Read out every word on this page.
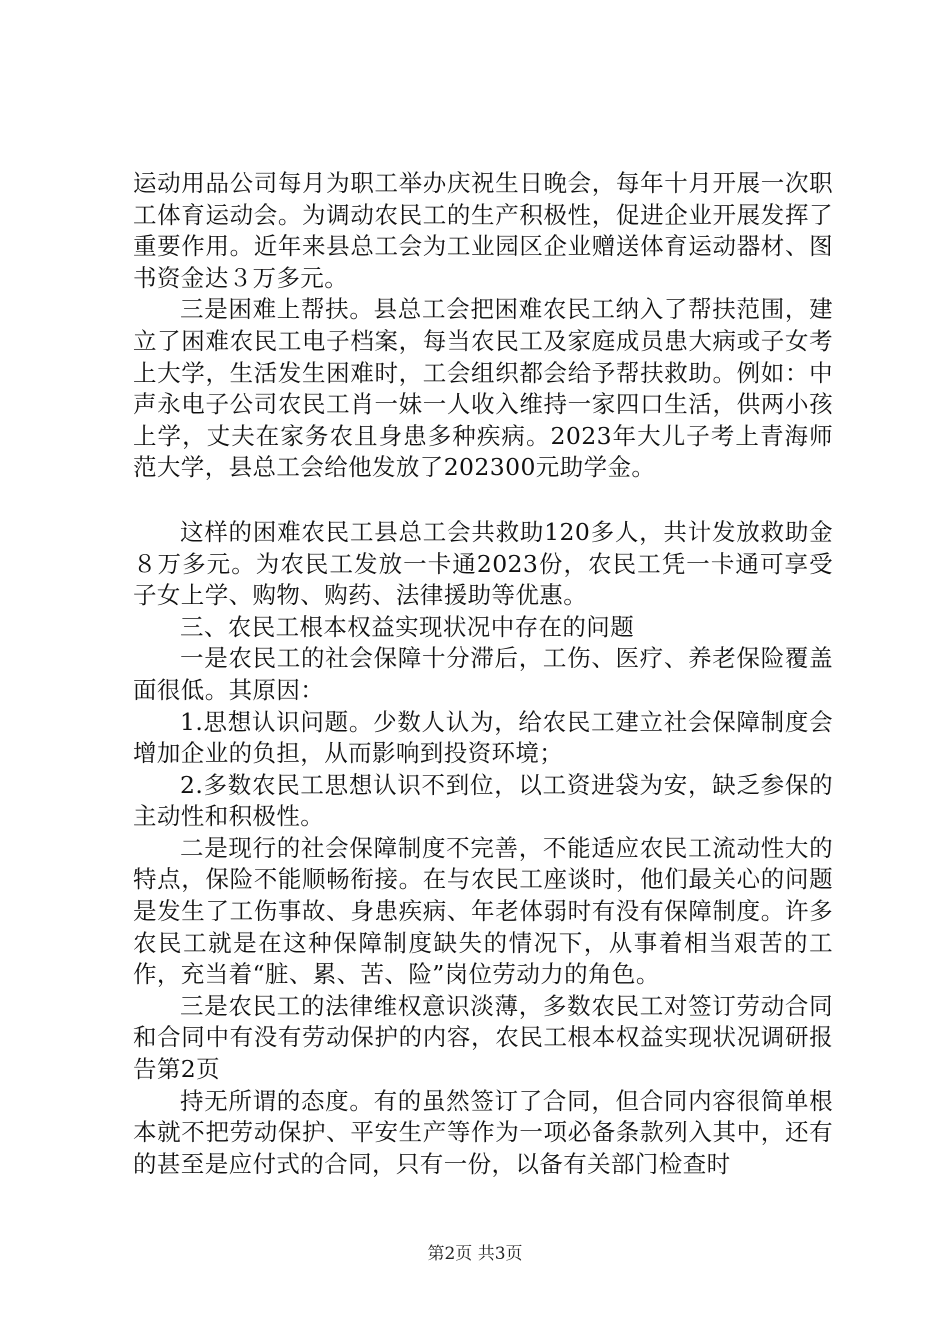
运动用品公司每月为职工举办庆祝生日晚会，每年十月开展一次职工体育运动会。为调动农民工的生产积极性，促进企业开展发挥了重要作用。近年来县总工会为工业园区企业赠送体育运动器材、图书资金达３万多元。

三是困难上帮扶。县总工会把困难农民工纳入了帮扶范围，建立了困难农民工电子档案，每当农民工及家庭成员患大病或子女考上大学，生活发生困难时，工会组织都会给予帮扶救助。例如：中声永电子公司农民工肖一妹一人收入维持一家四口生活，供两小孩上学，丈夫在家务农且身患多种疾病。2023年大儿子考上青海师范大学，县总工会给他发放了202300元助学金。

这样的困难农民工县总工会共救助120多人，共计发放救助金８万多元。为农民工发放一卡通2023份，农民工凭一卡通可享受子女上学、购物、购药、法律援助等优惠。

三、农民工根本权益实现状况中存在的问题

一是农民工的社会保障十分滞后，工伤、医疗、养老保险覆盖面很低。其原因：

1.思想认识问题。少数人认为，给农民工建立社会保障制度会增加企业的负担，从而影响到投资环境；

2.多数农民工思想认识不到位，以工资进袋为安，缺乏参保的主动性和积极性。

二是现行的社会保障制度不完善，不能适应农民工流动性大的特点，保险不能顺畅衔接。在与农民工座谈时，他们最关心的问题是发生了工伤事故、身患疾病、年老体弱时有没有保障制度。许多农民工就是在这种保障制度缺失的情况下，从事着相当艰苦的工作，充当着“脏、累、苦、险”岗位劳动力的角色。

三是农民工的法律维权意识淡薄，多数农民工对签订劳动合同和合同中有没有劳动保护的内容，农民工根本权益实现状况调研报告第2页

持无所谓的态度。有的虽然签订了合同，但合同内容很简单根本就不把劳动保护、平安生产等作为一项必备条款列入其中，还有的甚至是应付式的合同，只有一份，以备有关部门检查时

第2页 共3页
